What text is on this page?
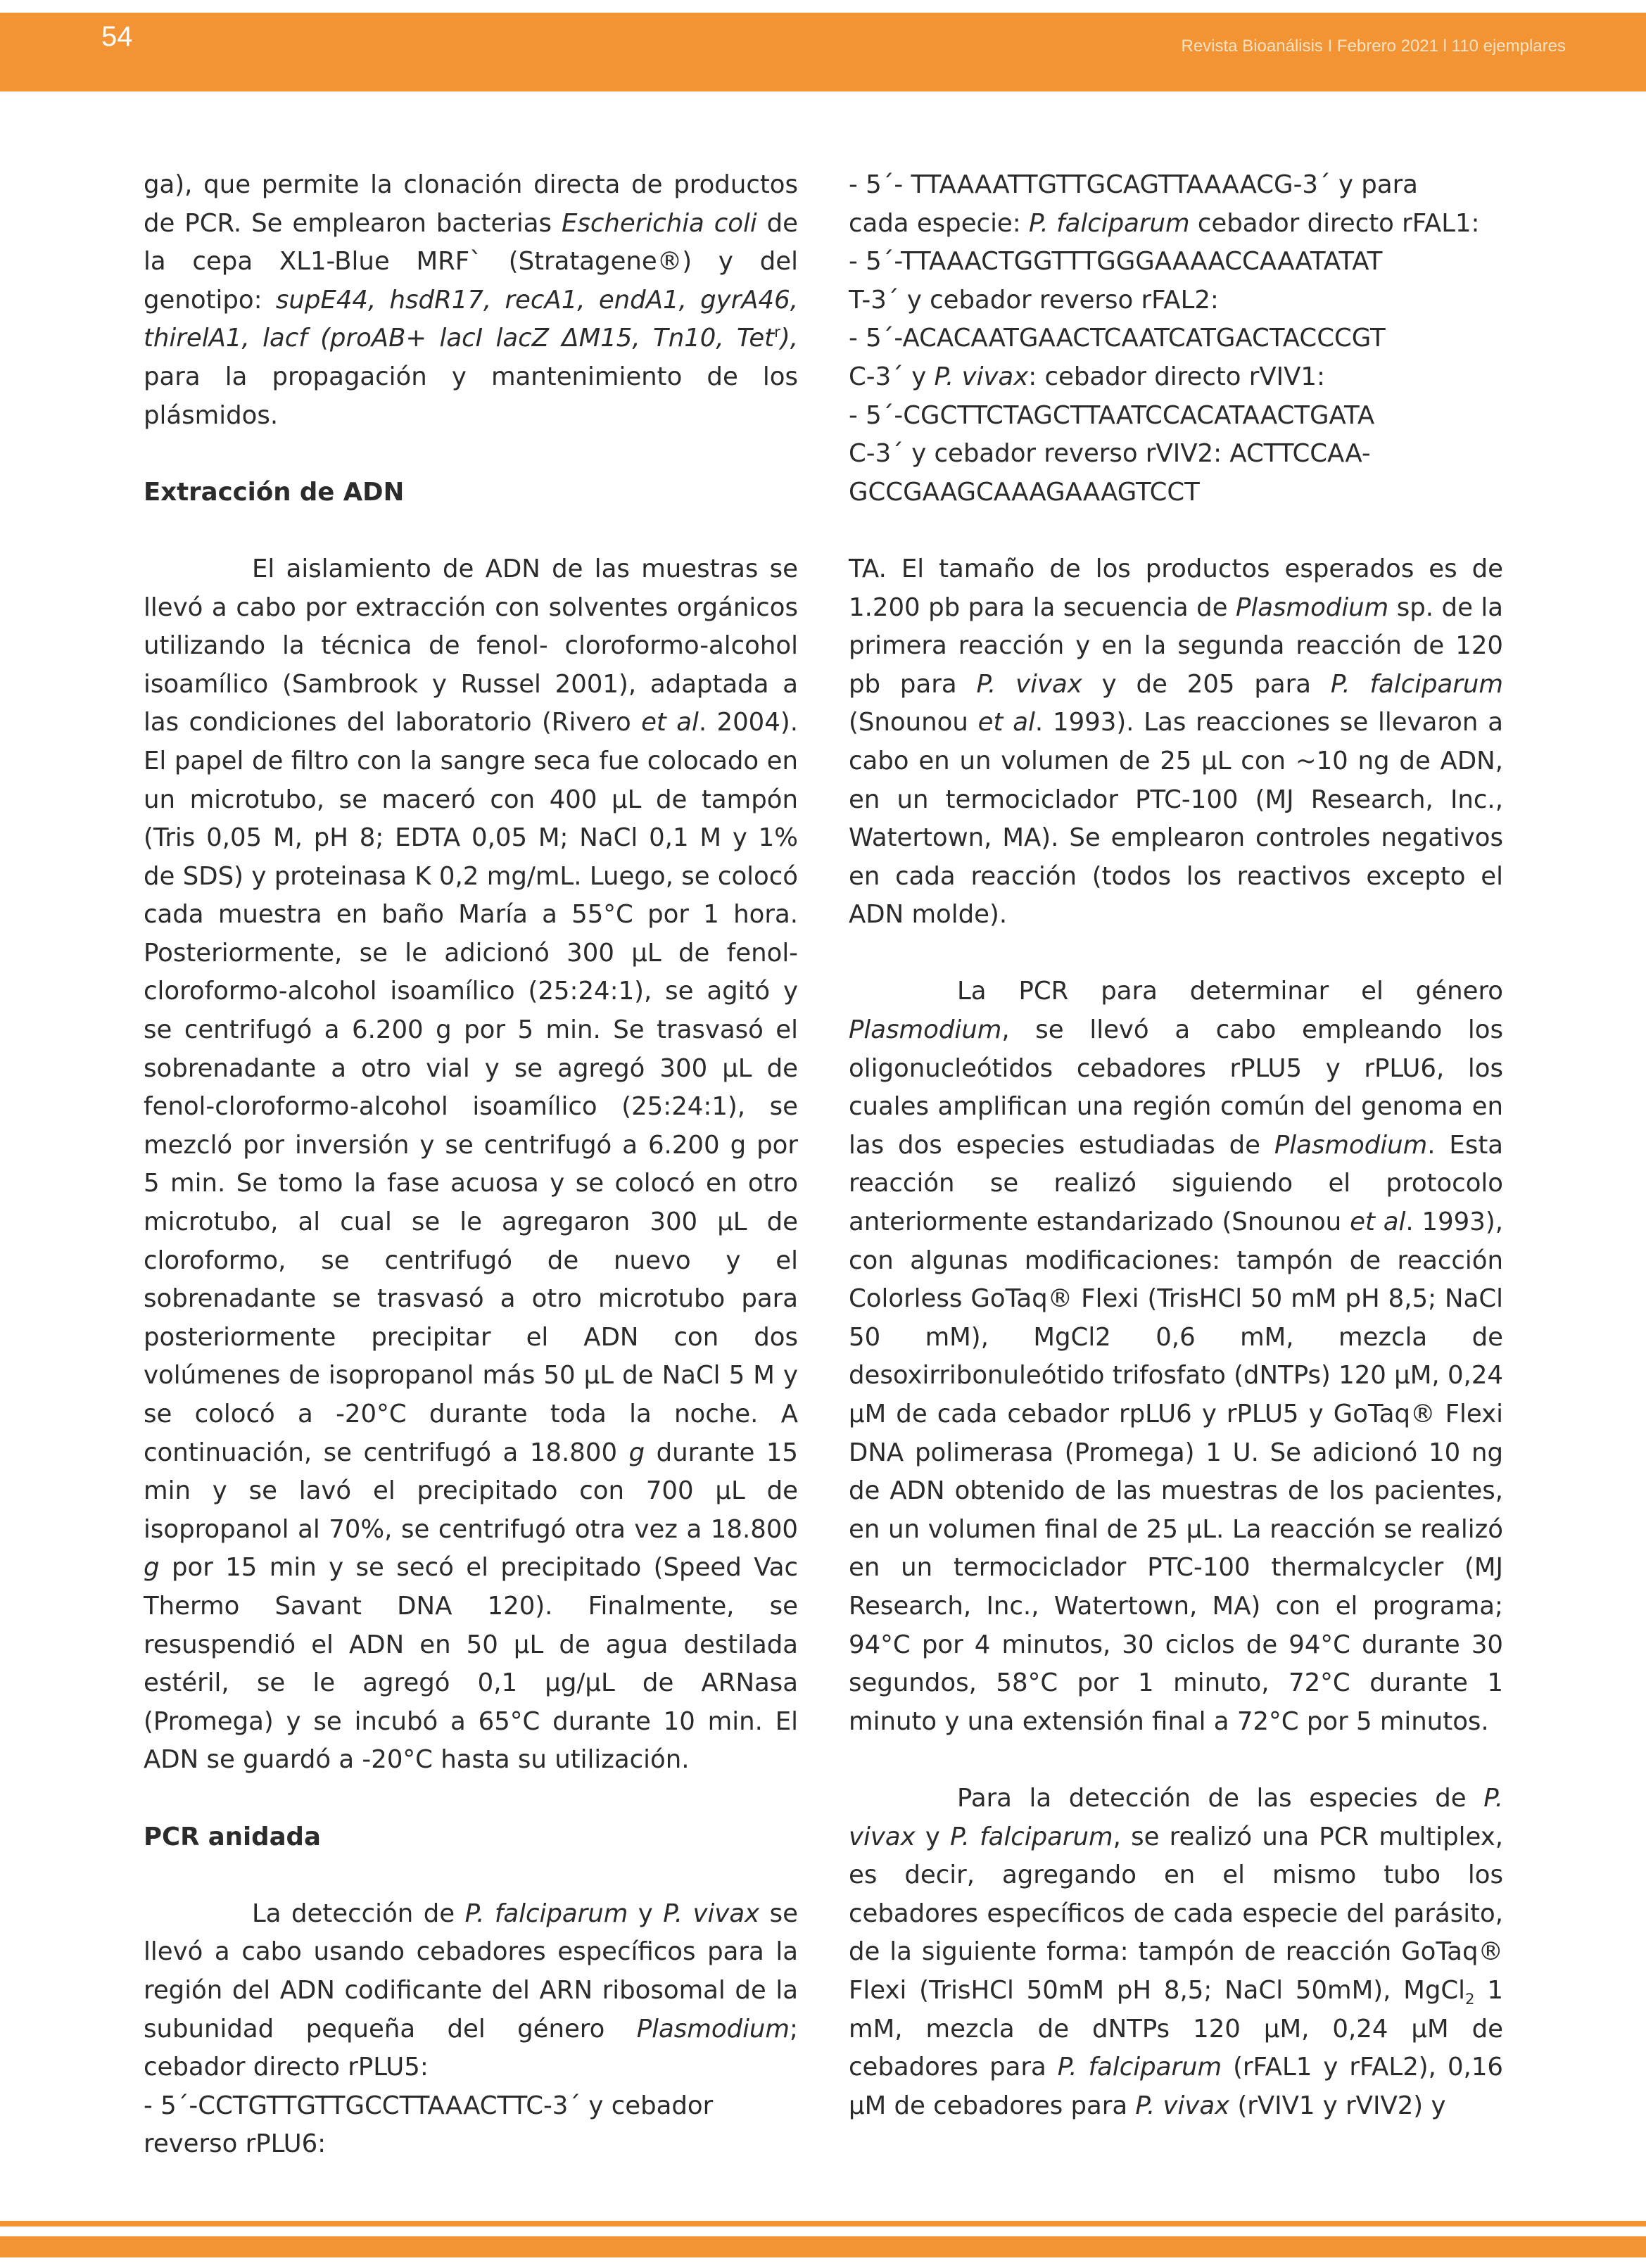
54	Revista Bioanálisis I Febrero 2021 l 110 ejemplares

ga), que permite la clonación directa de productos de PCR. Se emplearon bacterias Escherichia coli de la cepa XL1-Blue MRF` (Stratagene®) y del genotipo: supE44, hsdR17, recA1, endA1, gyrA46, thirelA1, lacf (proAB+ lacI lacZ ΔM15, Tn10, Tet$^r$), para la propagación y mantenimiento de los plásmidos.

Extracción de ADN

El aislamiento de ADN de las muestras se llevó a cabo por extracción con solventes orgánicos utilizando la técnica de fenol- cloroformo-alcohol isoamílico (Sambrook y Russel 2001), adaptada a las condiciones del laboratorio (Rivero et al. 2004). El papel de filtro con la sangre seca fue colocado en un microtubo, se maceró con 400 µL de tampón (Tris 0,05 M, pH 8; EDTA 0,05 M; NaCl 0,1 M y 1% de SDS) y proteinasa K 0,2 mg/mL. Luego, se colocó cada muestra en baño María a 55°C por 1 hora. Posteriormente, se le adicionó 300 µL de fenol- cloroformo-alcohol isoamílico (25:24:1), se agitó y se centrifugó a 6.200 g por 5 min. Se trasvasó el sobrenadante a otro vial y se agregó 300 µL de fenol-cloroformo-alcohol isoamílico (25:24:1), se mezcló por inversión y se centrifugó a 6.200 g por 5 min. Se tomo la fase acuosa y se colocó en otro microtubo, al cual se le agregaron 300 µL de cloroformo, se centrifugó de nuevo y el sobrenadante se trasvasó a otro microtubo para posteriormente precipitar el ADN con dos volúmenes de isopropanol más 50 µL de NaCl 5 M y se colocó a -20°C durante toda la noche. A continuación, se centrifugó a 18.800 g durante 15 min y se lavó el precipitado con 700 µL de isopropanol al 70%, se centrifugó otra vez a 18.800 g por 15 min y se secó el precipitado (Speed Vac Thermo Savant DNA 120). Finalmente, se resuspendió el ADN en 50 µL de agua destilada estéril, se le agregó 0,1 µg/µL de ARNasa (Promega) y se incubó a 65°C durante 10 min. El ADN se guardó a -20°C hasta su utilización.

PCR anidada

La detección de P. falciparum y P. vivax se llevó a cabo usando cebadores específicos para la región del ADN codificante del ARN ribosomal de la subunidad pequeña del género Plasmodium; cebador directo rPLU5:

- 5´-CCTGTTGTTGCCTTAAACTTC-3´ y cebador
reverso rPLU6:
- 5´- TTAAAATTGTTGCAGTTAAAACG-3´ y para
cada especie: P. falciparum cebador directo rFAL1:
- 5´-TTAAACTGGTTTGGGAAAACCAAATATAT
T-3´ y cebador reverso rFAL2:
- 5´-ACACAATGAACTCAATCATGACTACCCGT
C-3´ y P. vivax: cebador directo rVIV1:
- 5´-CGCTTCTAGCTTAATCCACATAACTGATA
C-3´ y cebador reverso rVIV2: ACTTCCAA-
GCCGAAGCAAAGAAAGTCCT

TA. El tamaño de los productos esperados es de 1.200 pb para la secuencia de Plasmodium sp. de la primera reacción y en la segunda reacción de 120 pb para P. vivax y de 205 para P. falciparum (Snounou et al. 1993). Las reacciones se llevaron a cabo en un volumen de 25 µL con ~10 ng de ADN, en un termociclador PTC-100 (MJ Research, Inc., Watertown, MA). Se emplearon controles negativos en cada reacción (todos los reactivos excepto el ADN molde).

La PCR para determinar el género Plasmodium, se llevó a cabo empleando los oligonucleótidos cebadores rPLU5 y rPLU6, los cuales amplifican una región común del genoma en las dos especies estudiadas de Plasmodium. Esta reacción se realizó siguiendo el protocolo anteriormente estandarizado (Snounou et al. 1993), con algunas modificaciones: tampón de reacción Colorless GoTaq® Flexi (TrisHCl 50 mM pH 8,5; NaCl 50 mM), MgCl2 0,6 mM, mezcla de desoxirribonuleótido trifosfato (dNTPs) 120 µM, 0,24 µM de cada cebador rpLU6 y rPLU5 y GoTaq® Flexi DNA polimerasa (Promega) 1 U. Se adicionó 10 ng de ADN obtenido de las muestras de los pacientes, en un volumen final de 25 µL. La reacción se realizó en un termociclador PTC-100 thermalcycler (MJ Research, Inc., Watertown, MA) con el programa; 94°C por 4 minutos, 30 ciclos de 94°C durante 30 segundos, 58°C por 1 minuto, 72°C durante 1 minuto y una extensión final a 72°C por 5 minutos.

Para la detección de las especies de P. vivax y P. falciparum, se realizó una PCR multiplex, es decir, agregando en el mismo tubo los cebadores específicos de cada especie del parásito, de la siguiente forma: tampón de reacción GoTaq® Flexi (TrisHCl 50mM pH 8,5; NaCl 50mM), MgCl$_2$ 1 mM, mezcla de dNTPs 120 µM, 0,24 µM de cebadores para P. falciparum (rFAL1 y rFAL2), 0,16 µM de cebadores para P. vivax (rVIV1 y rVIV2) y
